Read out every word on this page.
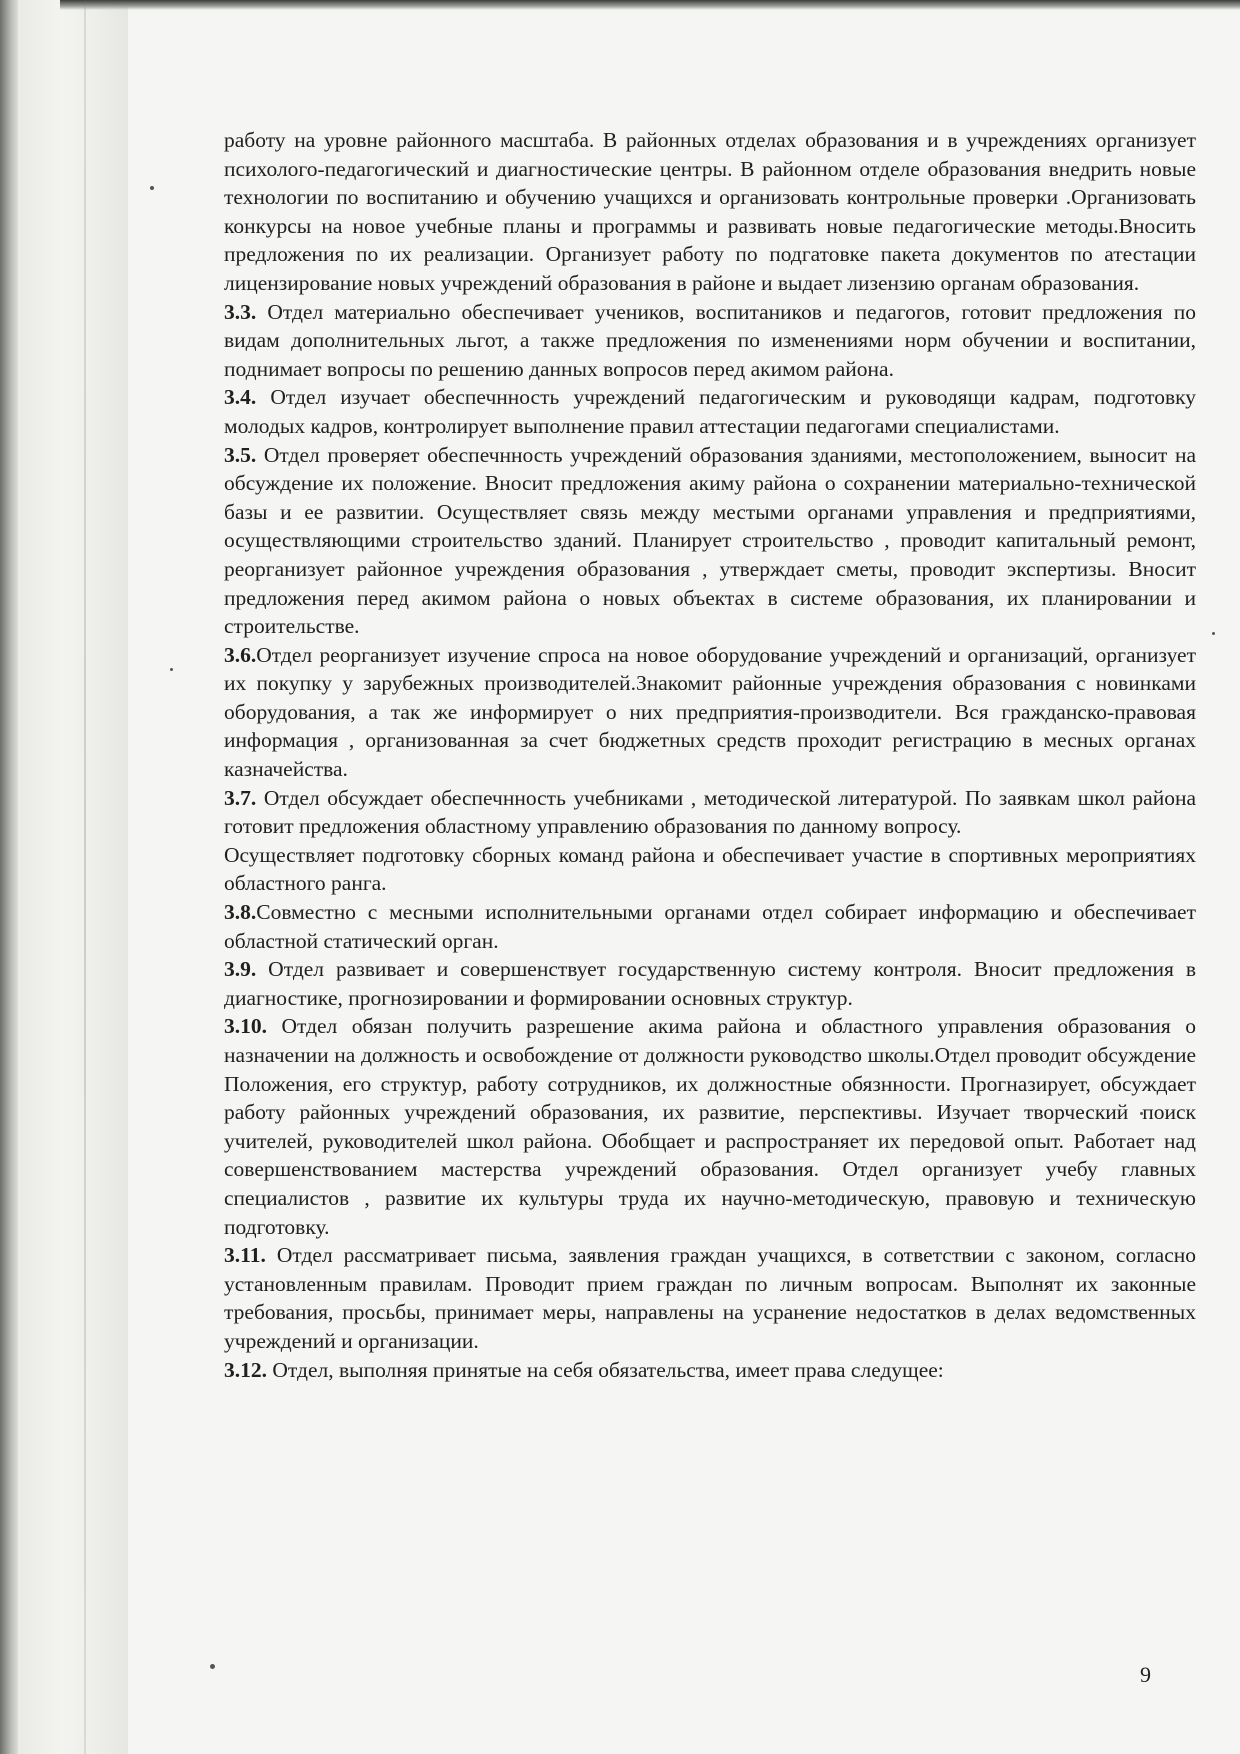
работу на уровне районного масштаба. В районных отделах образования и в учреждениях организует психолого-педагогический и диагностические центры. В районном отделе образования внедрить новые технологии по воспитанию и обучению учащихся и организовать контрольные проверки .Организовать конкурсы на новое учебные планы и программы и развивать новые педагогические методы.Вносить предложения по их реализации. Организует работу по подгатовке пакета документов по атестации лицензирование новых учреждений образования в районе и выдает лизензию органам образования.

3.3. Отдел материально обеспечивает учеников, воспитаников и педагогов, готовит предложения по видам дополнительных льгот, а также предложения по изменениями норм обучении и воспитании, поднимает вопросы по решению данных вопросов перед акимом района.

3.4. Отдел изучает обеспечнность учреждений педагогическим и руководящи кадрам, подготовку молодых кадров, контролирует выполнение правил аттестации педагогами специалистами.

3.5. Отдел проверяет обеспечнность учреждений образования зданиями, местоположением, выносит на обсуждение их положение. Вносит предложения акиму района о сохранении материально-технической базы и ее развитии. Осуществляет связь между местыми органами управления и предприятиями, осуществляющими строительство зданий. Планирует строительство , проводит капитальный ремонт, реорганизует районное учреждения образования , утверждает сметы, проводит экспертизы. Вносит предложения перед акимом района о новых объектах в системе образования, их планировании и строительстве.

3.6.Отдел реорганизует изучение спроса на новое оборудование учреждений и организаций, организует их покупку у зарубежных производителей.Знакомит районные учреждения образования с новинками оборудования, а так же информирует о них предприятия-производители. Вся гражданско-правовая информация , организованная за счет бюджетных средств проходит регистрацию в месных органах казначейства.

3.7. Отдел обсуждает обеспечнность учебниками , методической литературой. По заявкам школ района готовит предложения областному управлению образования по данному вопросу.

Осуществляет подготовку сборных команд района и обеспечивает участие в спортивных мероприятиях областного ранга.

3.8.Совместно с месными исполнительными органами отдел собирает информацию и обеспечивает областной статический орган.

3.9. Отдел развивает и совершенствует государственную систему контроля. Вносит предложения в диагностике, прогнозировании и формировании основных структур.

3.10. Отдел обязан получить разрешение акима района и областного управления образования о назначении на должность и освобождение от должности руководство школы.Отдел проводит обсуждение Положения, его структур, работу сотрудников, их должностные обязнности. Прогназирует, обсуждает работу районных учреждений образования, их развитие, перспективы. Изучает творческий поиск учителей, руководителей школ района. Обобщает и распространяет их передовой опыт. Работает над совершенствованием мастерства учреждений образования. Отдел организует учебу главных специалистов , развитие их культуры труда их научно-методическую, правовую и техническую подготовку.

3.11. Отдел рассматривает письма, заявления граждан учащихся, в сответствии с законом, согласно установленным правилам. Проводит прием граждан по личным вопросам. Выполнят их законные требования, просьбы, принимает меры, направлены на усранение недостатков в делах ведомственных учреждений и организации.

3.12. Отдел, выполняя принятые на себя обязательства, имеет права следущее:

9
